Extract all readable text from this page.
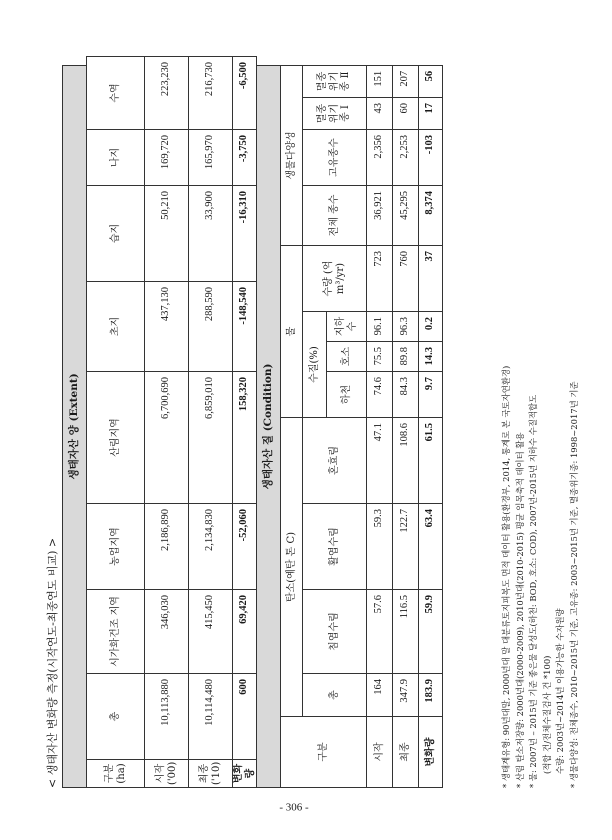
< 생태자산 변화량 측정(시작연도-최종연도 비교) >
- 306 -
생태자산 양 (Extent)														
구분 (ha)	총		시가화건조 지역	농업지역	산림지역		초지			습지		나지	수역	
시작 ('00)	10,113,880		346,030	2,186,890	6,700,690		437,130			50,210		169,720	223,230	
최종 ('10)	10,114,480		415,450	2,134,830	6,859,010		288,590			33,900		165,970	216,730	
변화량	600		69,420	-52,060	158,320		-148,540			-16,310		-3,750	-6,500	
생태자산 질 (Condition)														
구분		탄소(예탄 톤 C)				물					생물다양성			
		총	침엽수림	활엽수림	혼효림	수질(%)			수량 (억 m³/yr)		전체 종수	고유종수	멸종 위기종 Ⅰ	멸종 위기종 Ⅱ
						하천	호소	지하수						
시작		164	57.6	59.3	47.1	74.6	75.5	96.1	723		36,921	2,356	43	151
최종		347.9	116.5	122.7	108.6	84.3	89.8	96.3	760		45,295	2,253	60	207
변화량		183.9	59.9	63.4	61.5	9.7	14.3	0.2	37		8,374	-103	17	56
* 생태계유형: 90년대말, 2000년대 말 대분류토지피복도 면적 데이터 활용(환경부, 2014, 통계로 본 국토자연환경) * 산림 탄소저장량: 2000년대(2000-2009), 2010년대(2010-2015) 평균 임목축적 데이터 활용 * 물: 2007년 – 2015년 기준 좋은물 달성도(하천: BOD, 호소: COD), 2007년-2015년 지하수 수질적합도 (적합 건/전체수질검사 건 *100) 수량: 2003년~2014년 이용가능한 수자원량 * 생물다양성: 전체종수, 2010~2015년 기준, 고유종: 2003~2015년 기준, 멸종위기종: 1998~2017년 기준
